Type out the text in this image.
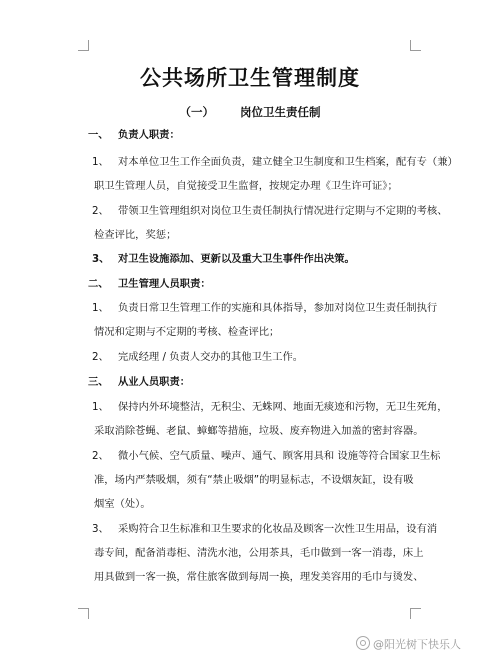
公共场所卫生管理制度
（一） 岗位卫生责任制
一、 负责人职责：
1、 对本单位卫生工作全面负责，建立健全卫生制度和卫生档案，配有专（兼）
职卫生管理人员，自觉接受卫生监督，按规定办理《卫生许可证》；
2、 带领卫生管理组织对岗位卫生责任制执行情况进行定期与不定期的考核、
检查评比，奖惩；
3、 对卫生设施添加、更新以及重大卫生事件作出决策。
二、 卫生管理人员职责：
1、 负责日常卫生管理工作的实施和具体指导，参加对岗位卫生责任制执行
情况和定期与不定期的考核、检查评比；
2、 完成经理 / 负责人交办的其他卫生工作。
三、 从业人员职责：
1、 保持内外环境整洁，无积尘、无蛛网、地面无痰迹和污物，无卫生死角，
采取消除苍蝇、老鼠、蟑螂等措施，垃圾、废弃物进入加盖的密封容器。
2、 微小气候、空气质量、噪声、通气、顾客用具和 设施等符合国家卫生标
准，场内严禁吸烟，须有“禁止吸烟”的明显标志，不设烟灰缸，设有吸
烟室（处）。
3、 采购符合卫生标准和卫生要求的化妆品及顾客一次性卫生用品，设有消
毒专间，配备消毒柜、清洗水池，公用茶具，毛巾做到一客一消毒，床上
用具做到一客一换，常住旅客做到每周一换，理发美容用的毛巾与烫发、
@阳光树下快乐人
